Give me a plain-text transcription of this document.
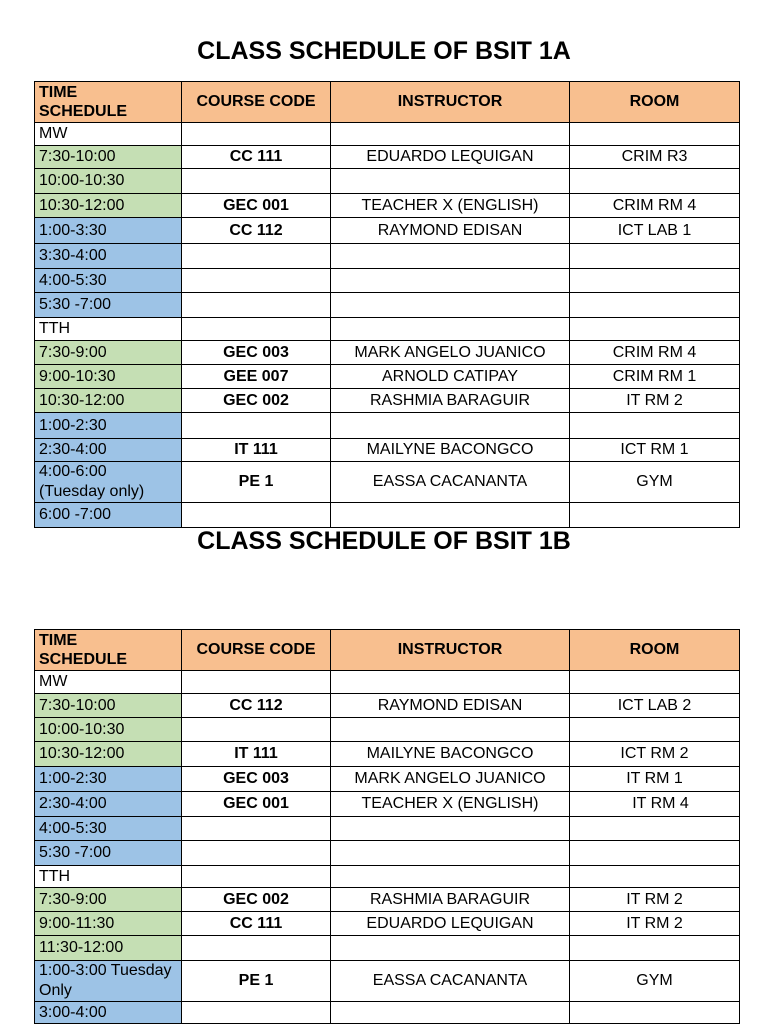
CLASS SCHEDULE OF BSIT 1A
TIME
SCHEDULE	COURSE CODE	INSTRUCTOR	ROOM
MW			
7:30-10:00	CC 111	EDUARDO LEQUIGAN	CRIM R3
10:00-10:30			
10:30-12:00	GEC 001	TEACHER X (ENGLISH)	CRIM RM 4
1:00-3:30	CC 112	RAYMOND EDISAN	ICT LAB 1
3:30-4:00			
4:00-5:30			
5:30 -7:00			
TTH			
7:30-9:00	GEC 003	MARK ANGELO JUANICO	CRIM RM 4
9:00-10:30	GEE 007	ARNOLD CATIPAY	CRIM RM 1
10:30-12:00	GEC 002	RASHMIA BARAGUIR	IT RM 2
1:00-2:30			
2:30-4:00	IT 111	MAILYNE BACONGCO	ICT RM 1
4:00-6:00 (Tuesday only)	PE 1	EASSA CACANANTA	GYM
6:00 -7:00			
CLASS SCHEDULE OF BSIT 1B
TIME
SCHEDULE	COURSE CODE	INSTRUCTOR	ROOM
MW			
7:30-10:00	CC 112	RAYMOND EDISAN	ICT LAB 2
10:00-10:30			
10:30-12:00	IT 111	MAILYNE BACONGCO	ICT RM 2
1:00-2:30	GEC 003	MARK ANGELO JUANICO	IT RM 1
2:30-4:00	GEC 001	TEACHER X (ENGLISH)	IT RM 4
4:00-5:30			
5:30 -7:00			
TTH			
7:30-9:00	GEC 002	RASHMIA BARAGUIR	IT RM 2
9:00-11:30	CC 111	EDUARDO LEQUIGAN	IT RM 2
11:30-12:00			
1:00-3:00 Tuesday Only	PE 1	EASSA CACANANTA	GYM
3:00-4:00			
